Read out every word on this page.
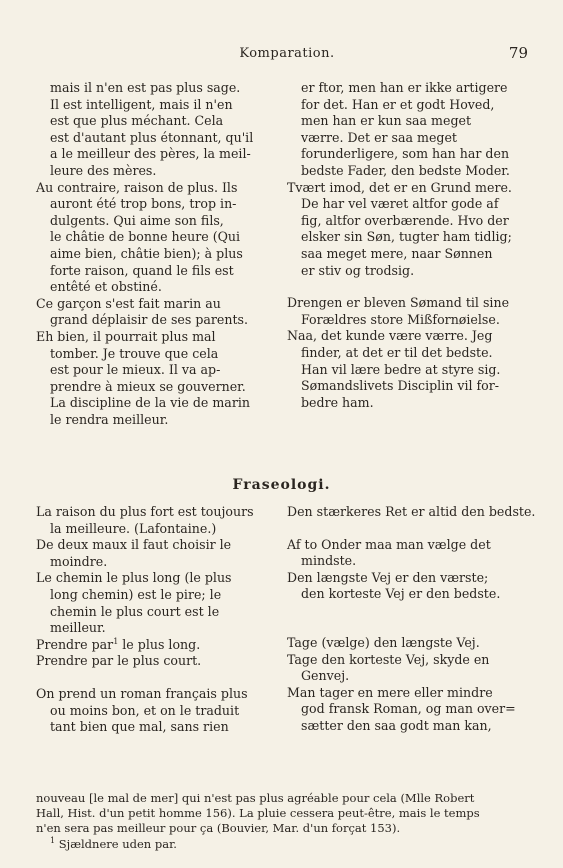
Komparation.	79
mais il n'en est pas plus sage.
Il est intelligent, mais il n'en
est que plus méchant. Cela
est d'autant plus étonnant, qu'il
a le meilleur des pères, la meil-
leure des mères.
Au contraire, raison de plus. Ils
auront été trop bons, trop in-
dulgents. Qui aime son fils,
le châtie de bonne heure (Qui
aime bien, châtie bien); à plus
forte raison, quand le fils est
entêté et obstiné.
Ce garçon s'est fait marin au
grand déplaisir de ses parents.
Eh bien, il pourrait plus mal
tomber. Je trouve que cela
est pour le mieux. Il va ap-
prendre à mieux se gouverner.
La discipline de la vie de marin
le rendra meilleur.
er ftor, men han er ikke artigere
for det. Han er et godt Hoved,
men han er kun saa meget
værre. Det er saa meget
forunderligere, som han har den
bedste Fader, den bedste Moder.
Tvært imod, det er en Grund mere.
De har vel været altfor gode af
fig, altfor overbærende. Hvo der
elsker sin Søn, tugter ham tidlig;
saa meget mere, naar Sønnen
er stiv og trodsig.
Drengen er bleven Sømand til sine
Forældres store Mißfornøielse.
Naa, det kunde være værre. Jeg
finder, at det er til det bedste.
Han vil lære bedre at styre sig.
Sømandslivets Disciplin vil for-
bedre ham.
Fraseologi.
La raison du plus fort est toujours
la meilleure. (Lafontaine.)
De deux maux il faut choisir le
moindre.
Le chemin le plus long (le plus
long chemin) est le pire; le
chemin le plus court est le
meilleur.
Prendre par$^1$ le plus long.
Prendre par le plus court.
On prend un roman français plus
ou moins bon, et on le traduit
tant bien que mal, sans rien
Den stærkeres Ret er altid den bedste.
Af to Onder maa man vælge det
mindste.
Den længste Vej er den værste;
den korteste Vej er den bedste.
Tage (vælge) den længste Vej.
Tage den korteste Vej, skyde en
Genvej.
Man tager en mere eller mindre
god fransk Roman, og man over=
sætter den saa godt man kan,
nouveau [le mal de mer] qui n'est pas plus agréable pour cela (Mlle Robert
Hall, Hist. d'un petit homme 156). La pluie cessera peut-être, mais le temps
n'en sera pas meilleur pour ça (Bouvier, Mar. d'un forçat 153).
$^1$ Sjældnere uden par.
